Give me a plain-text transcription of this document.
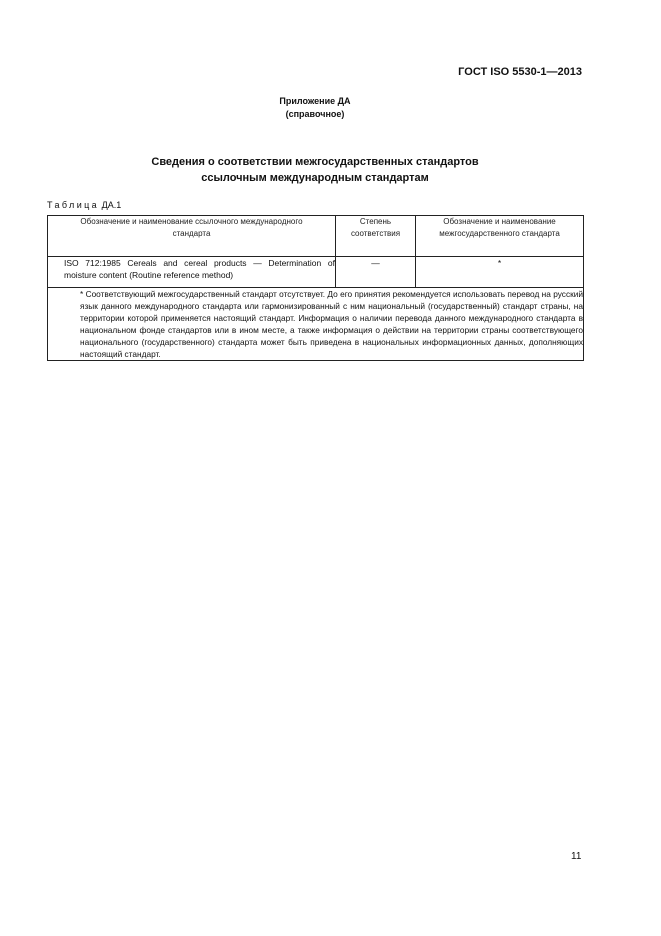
ГОСТ ISO 5530-1—2013
Приложение ДА
(справочное)
Сведения о соответствии межгосударственных стандартов
ссылочным международным стандартам
Таблица ДА.1
Обозначение и наименование ссылочного международного стандарта	Степень соответствия	Обозначение и наименование межгосударственного стандарта

ISO 712:1985 Cereals and cereal products — Determination of moisture content (Routine reference method)	—	*

* Соответствующий межгосударственный стандарт отсутствует. До его принятия рекомендуется использовать перевод на русский язык данного международного стандарта или гармонизированный с ним национальный (государственный) стандарт страны, на территории которой применяется настоящий стандарт. Информация о наличии перевода данного международного стандарта в национальном фонде стандартов или в ином месте, а также информация о действии на территории страны соответствующего национального (государственного) стандарта может быть приведена в национальных информационных данных, дополняющих настоящий стандарт.		
11
